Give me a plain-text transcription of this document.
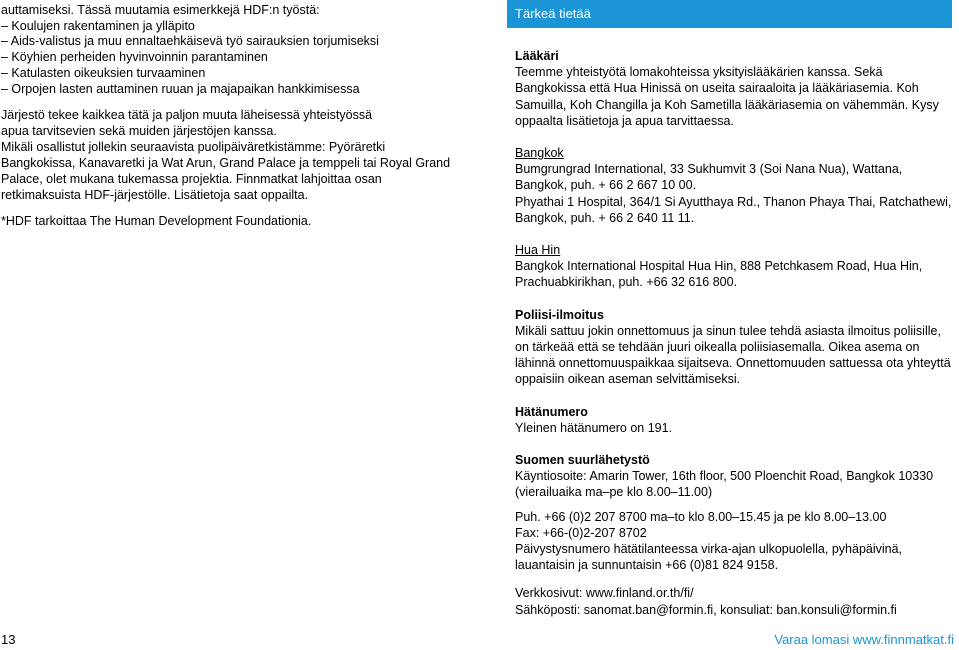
auttamiseksi. Tässä muutamia esimerkkejä HDF:n työstä:
– Koulujen rakentaminen ja ylläpito
– Aids-valistus ja muu ennaltaehkäisevä työ sairauksien torjumiseksi
– Köyhien perheiden hyvinvoinnin parantaminen
– Katulasten oikeuksien turvaaminen
– Orpojen lasten auttaminen ruuan ja majapaikan hankkimisessa
Järjestö tekee kaikkea tätä ja paljon muuta läheisessä yhteistyössä apua tarvitsevien sekä muiden järjestöjen kanssa.
Mikäli osallistut jollekin seuraavista puolipäiväretkistämme: Pyöräretki Bangkokissa, Kanavaretki ja Wat Arun, Grand Palace ja temppeli tai Royal Grand Palace, olet mukana tukemassa projektia. Finnmatkat lahjoittaa osan retkimaksuista HDF-järjestölle. Lisätietoja saat oppailta.
*HDF tarkoittaa The Human Development Foundationia.
Tärkeä tietää
Lääkäri
Teemme yhteistyötä lomakohteissa yksityislääkärien kanssa. Sekä Bangkokissa että Hua Hinissä on useita sairaaloita ja lääkäriasemia. Koh Samuilla, Koh Changilla ja Koh Sametilla lääkäriasemia on vähemmän. Kysy oppaalta lisätietoja ja apua tarvittaessa.
Bangkok
Bumgrungrad International, 33 Sukhumvit 3 (Soi Nana Nua), Wattana, Bangkok, puh. + 66 2 667 10 00.
Phyathai 1 Hospital, 364/1 Si Ayutthaya Rd., Thanon Phaya Thai, Ratchathewi, Bangkok, puh. + 66 2 640 11 11.
Hua Hin
Bangkok International Hospital Hua Hin, 888 Petchkasem Road, Hua Hin, Prachuabkirikhan, puh. +66 32 616 800.
Poliisi-ilmoitus
Mikäli sattuu jokin onnettomuus ja sinun tulee tehdä asiasta ilmoitus poliisille, on tärkeää että se tehdään juuri oikealla poliisiasemalla. Oikea asema on lähinnä onnettomuuspaikkaa sijaitseva. Onnettomuuden sattuessa ota yhteyttä oppaisiin oikean aseman selvittämiseksi.
Hätänumero
Yleinen hätänumero on 191.
Suomen suurlähetystö
Käyntiosoite: Amarin Tower, 16th floor, 500 Ploenchit Road, Bangkok 10330 (vierailuaika ma–pe klo 8.00–11.00)
Puh. +66 (0)2 207 8700 ma–to klo 8.00–15.45 ja pe klo 8.00–13.00
Fax: +66-(0)2-207 8702
Päivystysnumero hätätilanteessa virka-ajan ulkopuolella, pyhäpäivinä, lauantaisin ja sunnuntaisin +66 (0)81 824 9158.
Verkkosivut: www.finland.or.th/fi/
Sähköposti: sanomat.ban@formin.fi, konsuliat: ban.konsuli@formin.fi
13	Varaa lomasi www.finnmatkat.fi
